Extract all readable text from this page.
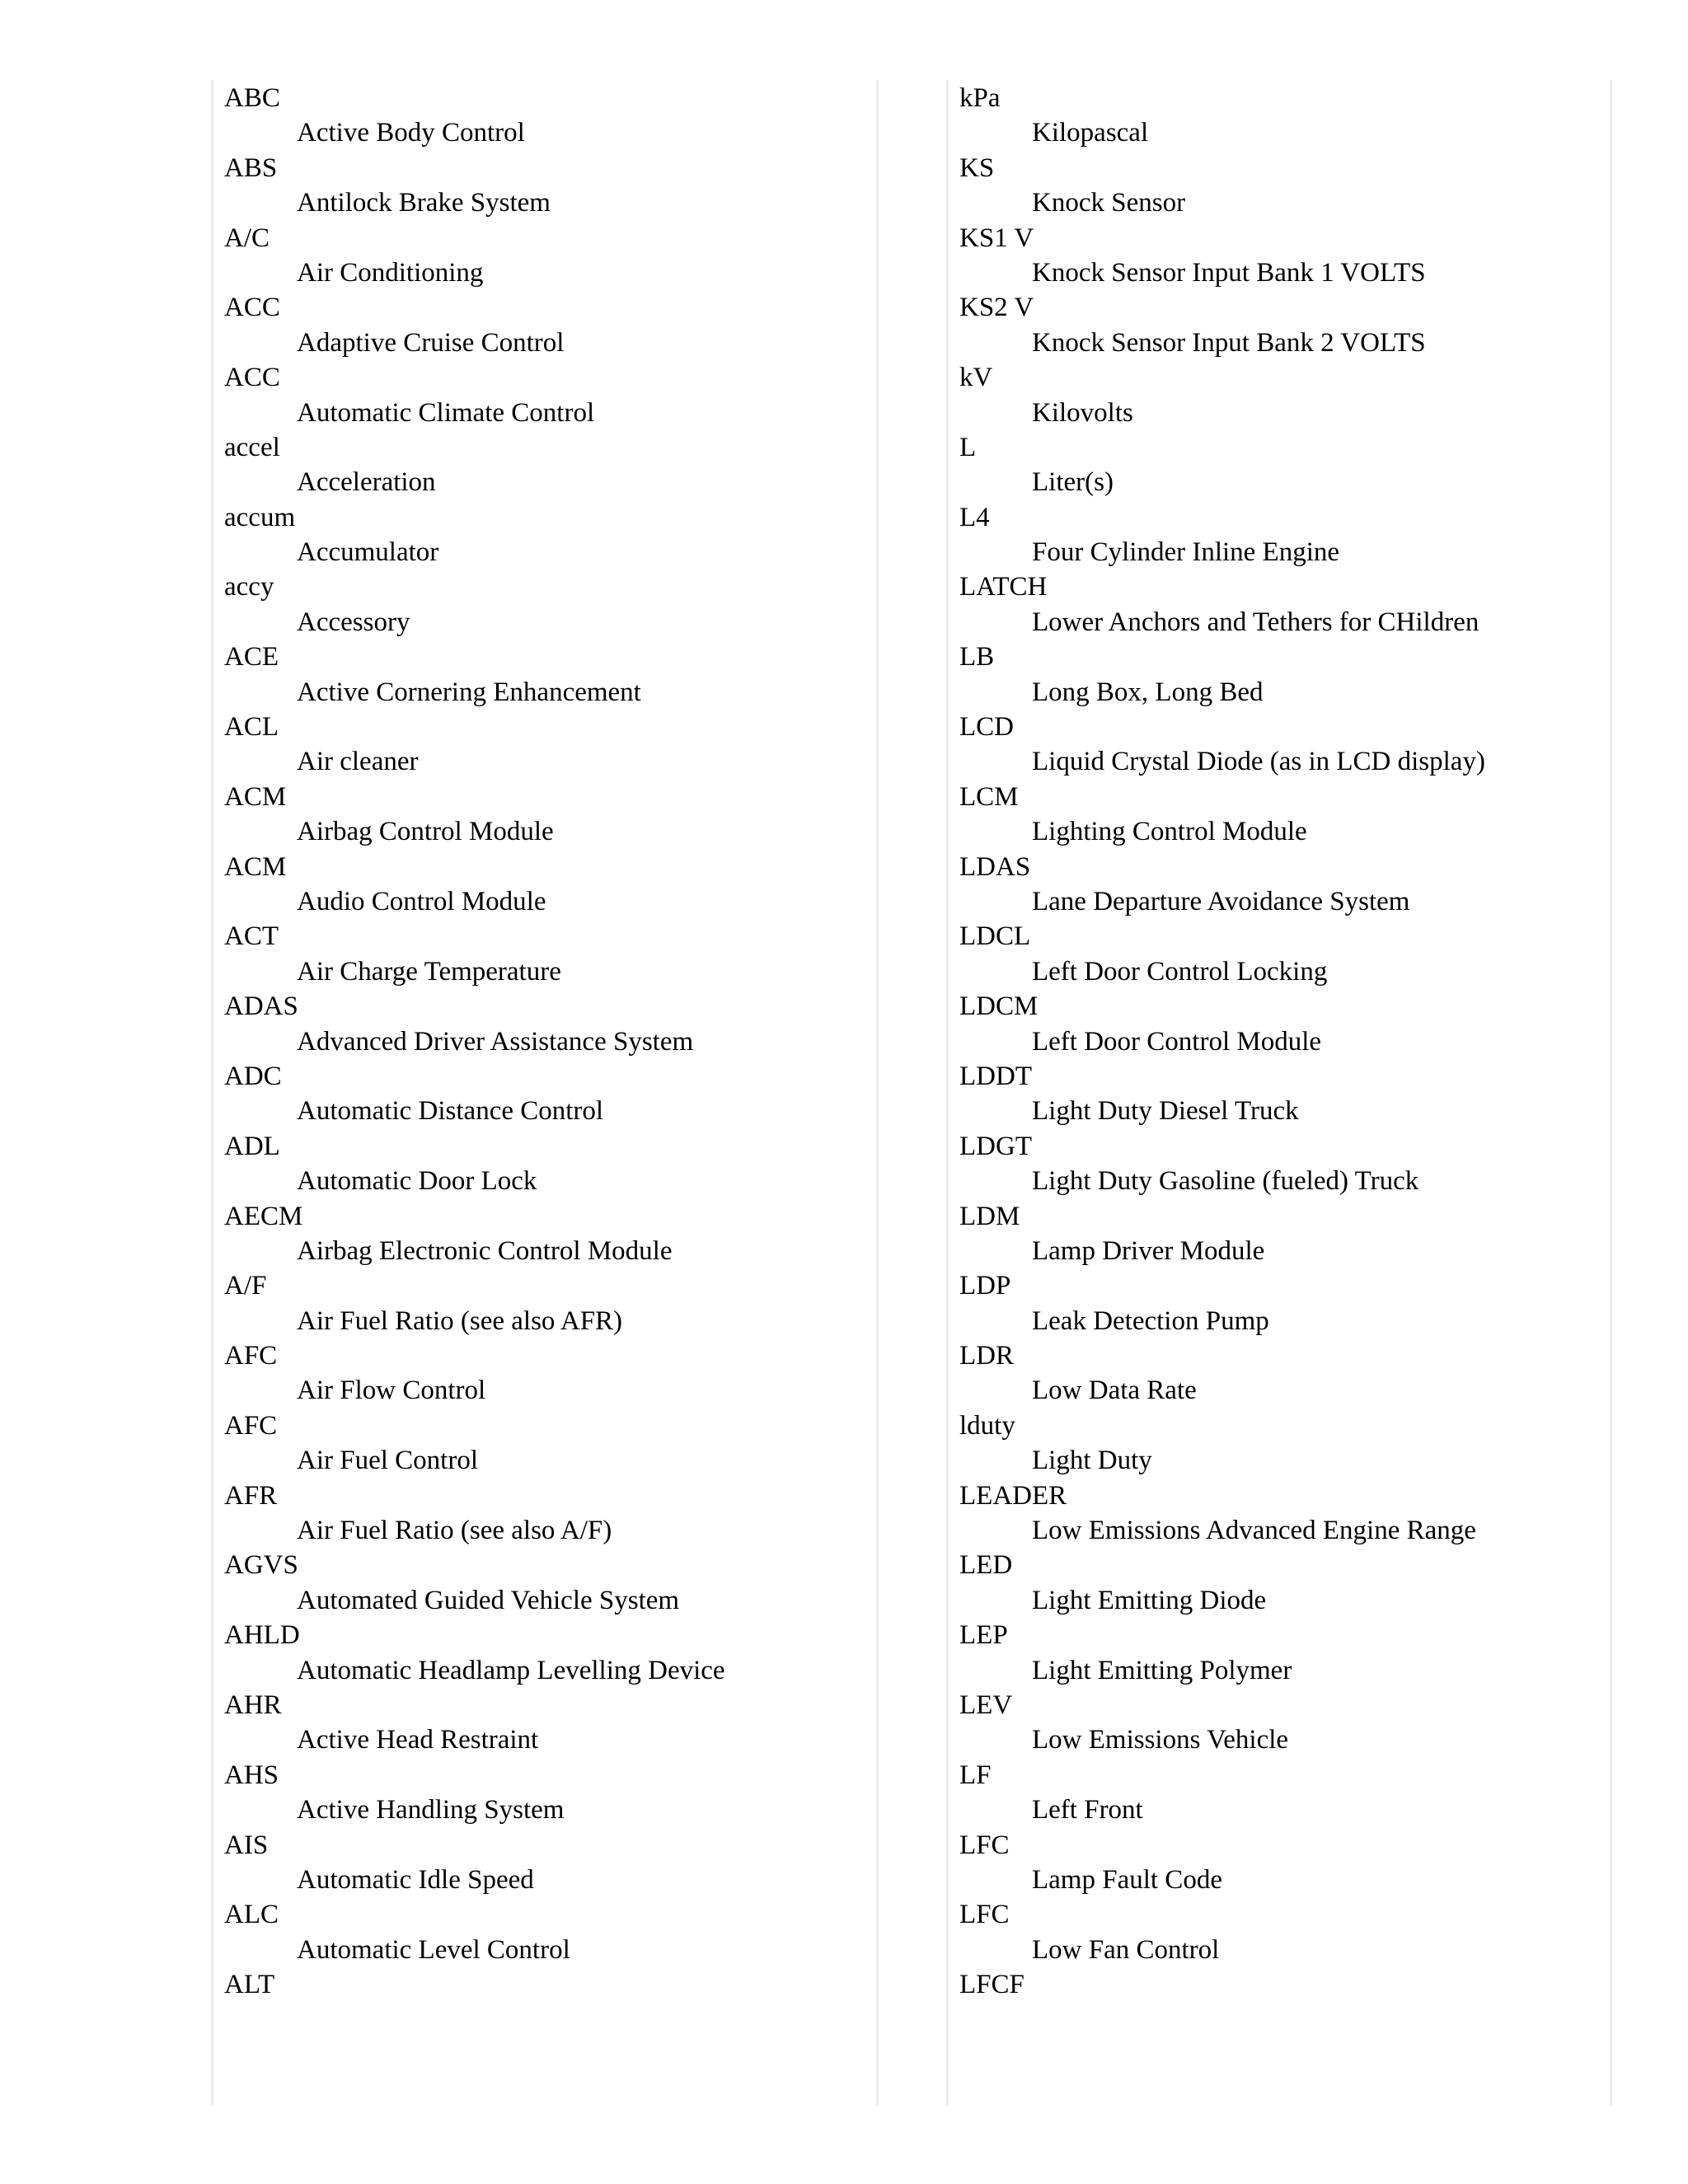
ABC
Active Body Control
ABS
Antilock Brake System
A/C
Air Conditioning
ACC
Adaptive Cruise Control
ACC
Automatic Climate Control
accel
Acceleration
accum
Accumulator
accy
Accessory
ACE
Active Cornering Enhancement
ACL
Air cleaner
ACM
Airbag Control Module
ACM
Audio Control Module
ACT
Air Charge Temperature
ADAS
Advanced Driver Assistance System
ADC
Automatic Distance Control
ADL
Automatic Door Lock
AECM
Airbag Electronic Control Module
A/F
Air Fuel Ratio (see also AFR)
AFC
Air Flow Control
AFC
Air Fuel Control
AFR
Air Fuel Ratio (see also A/F)
AGVS
Automated Guided Vehicle System
AHLD
Automatic Headlamp Levelling Device
AHR
Active Head Restraint
AHS
Active Handling System
AIS
Automatic Idle Speed
ALC
Automatic Level Control
ALT
kPa
Kilopascal
KS
Knock Sensor
KS1 V
Knock Sensor Input Bank 1 VOLTS
KS2 V
Knock Sensor Input Bank 2 VOLTS
kV
Kilovolts
L
Liter(s)
L4
Four Cylinder Inline Engine
LATCH
Lower Anchors and Tethers for CHildren
LB
Long Box, Long Bed
LCD
Liquid Crystal Diode (as in LCD display)
LCM
Lighting Control Module
LDAS
Lane Departure Avoidance System
LDCL
Left Door Control Locking
LDCM
Left Door Control Module
LDDT
Light Duty Diesel Truck
LDGT
Light Duty Gasoline (fueled) Truck
LDM
Lamp Driver Module
LDP
Leak Detection Pump
LDR
Low Data Rate
lduty
Light Duty
LEADER
Low Emissions Advanced Engine Range
LED
Light Emitting Diode
LEP
Light Emitting Polymer
LEV
Low Emissions Vehicle
LF
Left Front
LFC
Lamp Fault Code
LFC
Low Fan Control
LFCF
